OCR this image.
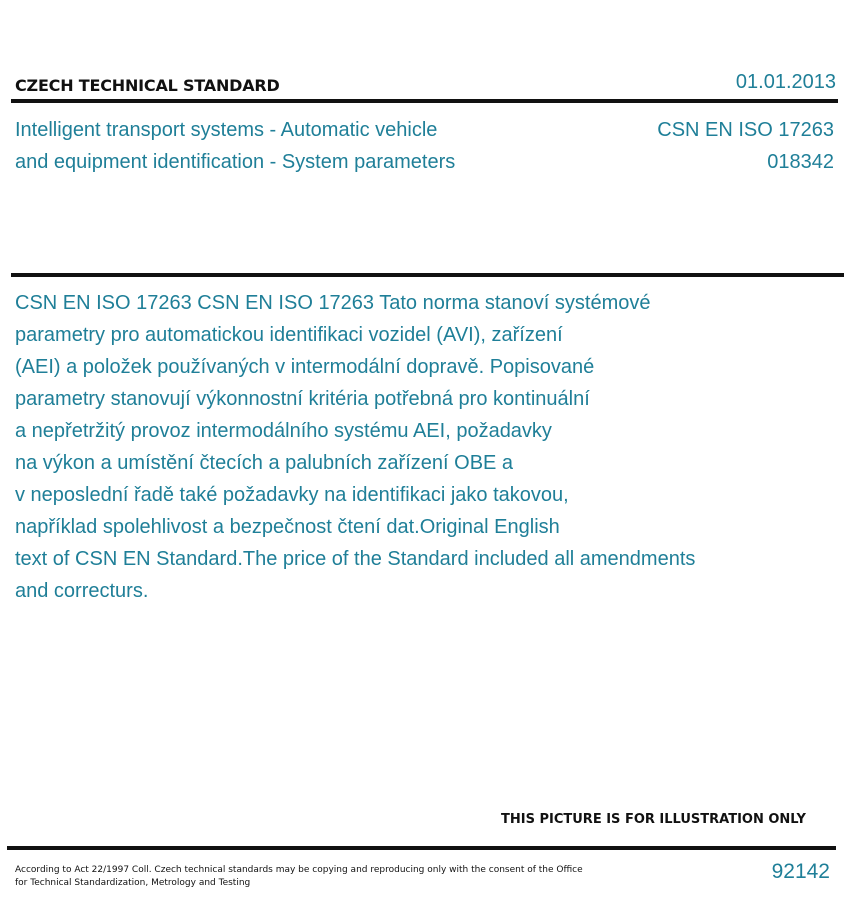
CZECH TECHNICAL STANDARD	01.01.2013
Intelligent transport systems - Automatic vehicle
and equipment identification - System parameters
CSN EN ISO 17263
018342
CSN EN ISO 17263 CSN EN ISO 17263 Tato norma stanoví systémové
parametry pro automatickou identifikaci vozidel (AVI), zařízení
(AEI) a položek používaných v intermodální dopravě. Popisované
parametry stanovují výkonnostní kritéria potřebná pro kontinuální
a nepřetržitý provoz intermodálního systému AEI, požadavky
na výkon a umístění čtecích a palubních zařízení OBE a
v neposlední řadě také požadavky na identifikaci jako takovou,
například spolehlivost a bezpečnost čtení dat.Original English
text of CSN EN Standard.The price of the Standard included all amendments
and correcturs.
THIS PICTURE IS FOR ILLUSTRATION ONLY
According to Act 22/1997 Coll. Czech technical standards may be copying and reproducing only with the consent of the Office
for Technical Standardization, Metrology and Testing	92142
